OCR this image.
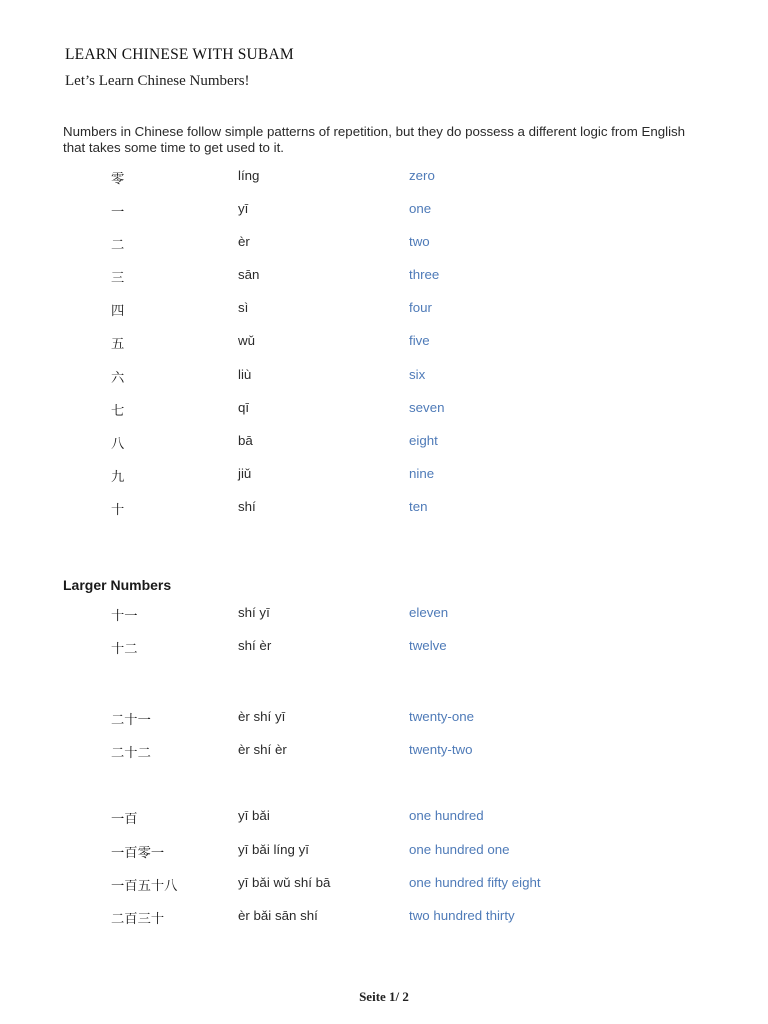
LEARN CHINESE WITH SUBAM
Let’s Learn Chinese Numbers!
Numbers in Chinese follow simple patterns of repetition, but they do possess a different logic from English that takes some time to get used to it.
零	líng	zero
一	yī	one
二	èr	two
三	sān	three
四	sì	four
五	wǔ	five
六	liù	six
七	qī	seven
八	bā	eight
九	jiǔ	nine
十	shí	ten
Larger Numbers
十一	shí yī	eleven
十二	shí èr	twelve
二十一	èr shí yī	twenty-one
二十二	èr shí èr	twenty-two
一百	yī bǎi	one hundred
一百零一	yī bǎi líng yī	one hundred one
一百五十八	yī bǎi wǔ shí bā	one hundred fifty eight
二百三十	èr bǎi sān shí	two hundred thirty
Seite 1/ 2
